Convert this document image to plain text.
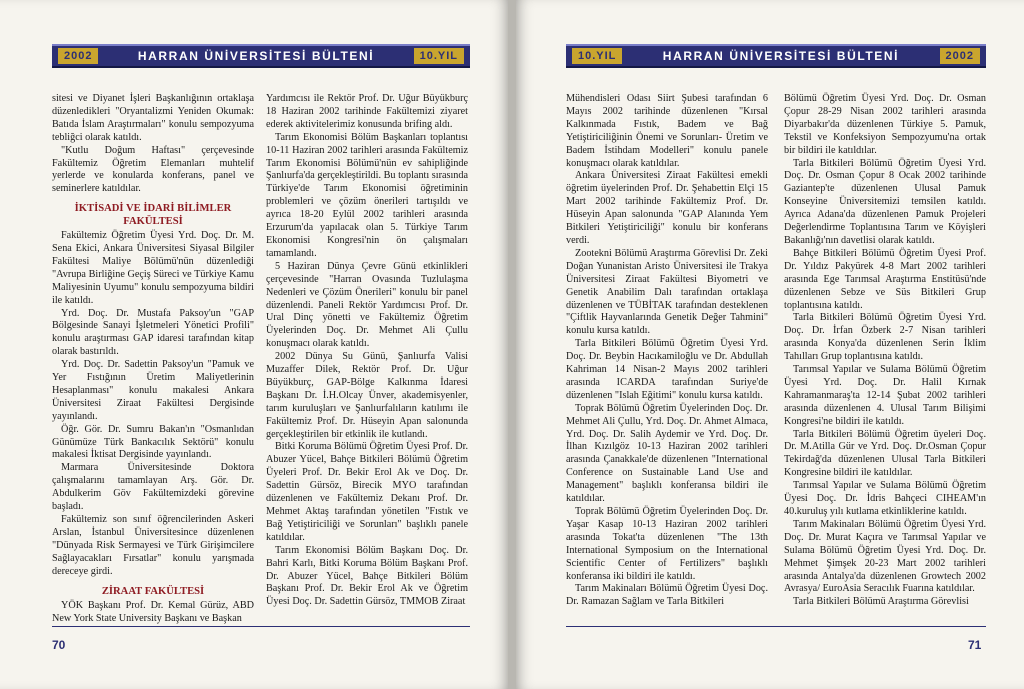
2002	HARRAN ÜNİVERSİTESİ BÜLTENİ	10.YIL

sitesi ve Diyanet İşleri Başkanlığının ortaklaşa düzenledikleri "Oryantalizmi Yeniden Okumak: Batıda İslam Araştırmaları" konulu sempozyuma tebliğci olarak katıldı.

"Kutlu Doğum Haftası" çerçevesinde Fakültemiz Öğretim Elemanları muhtelif yerlerde ve konularda konferans, panel ve seminerlere katıldılar.

İKTİSADİ VE İDARİ BİLİMLER FAKÜLTESİ

Fakültemiz Öğretim Üyesi Yrd. Doç. Dr. M. Sena Ekici, Ankara Üniversitesi Siyasal Bilgiler Fakültesi Maliye Bölümü'nün düzenlediği "Avrupa Birliğine Geçiş Süreci ve Türkiye Kamu Maliyesinin Uyumu" konulu sempozyuma bildiri ile katıldı.

Yrd. Doç. Dr. Mustafa Paksoy'un "GAP Bölgesinde Sanayi İşletmeleri Yönetici Profili" konulu araştırması GAP idaresi tarafından kitap olarak bastırıldı.

Yrd. Doç. Dr. Sadettin Paksoy'un "Pamuk ve Yer Fıstığının Üretim Maliyetlerinin Hesaplanması" konulu makalesi Ankara Üniversitesi Ziraat Fakültesi Dergisinde yayınlandı.

Öğr. Gör. Dr. Sumru Bakan'ın "Osmanlıdan Günümüze Türk Bankacılık Sektörü" konulu makalesi İktisat Dergisinde yayınlandı.

Marmara Üniversitesinde Doktora çalışmalarını tamamlayan Arş. Gör. Dr. Abdulkerim Göv Fakültemizdeki görevine başladı.

Fakültemiz son sınıf öğrencilerinden Askeri Arslan, İstanbul Üniversitesince düzenlenen "Dünyada Risk Sermayesi ve Türk Girişimcilere Sağlayacakları Fırsatlar" konulu yarışmada dereceye girdi.

ZİRAAT FAKÜLTESİ

YÖK Başkanı Prof. Dr. Kemal Gürüz, ABD New York State University Başkanı ve Başkan

Yardımcısı ile Rektör Prof. Dr. Uğur Büyükburç 18 Haziran 2002 tarihinde Fakültemizi ziyaret ederek aktivitelerimiz konusunda brifing aldı.

Tarım Ekonomisi Bölüm Başkanları toplantısı 10-11 Haziran 2002 tarihleri arasında Fakültemiz Tarım Ekonomisi Bölümü'nün ev sahipliğinde Şanlıurfa'da gerçekleştirildi. Bu toplantı sırasında Türkiye'de Tarım Ekonomisi öğretiminin problemleri ve çözüm önerileri tartışıldı ve ayrıca 18-20 Eylül 2002 tarihleri arasında Erzurum'da yapılacak olan 5. Türkiye Tarım Ekonomisi Kongresi'nin ön çalışmaları tamamlandı.

5 Haziran Dünya Çevre Günü etkinlikleri çerçevesinde "Harran Ovasında Tuzlulaşma Nedenleri ve Çözüm Önerileri" konulu bir panel düzenlendi. Paneli Rektör Yardımcısı Prof. Dr. Ural Dinç yönetti ve Fakültemiz Öğretim Üyelerinden Doç. Dr. Mehmet Ali Çullu konuşmacı olarak katıldı.

2002 Dünya Su Günü, Şanlıurfa Valisi Muzaffer Dilek, Rektör Prof. Dr. Uğur Büyükburç, GAP-Bölge Kalkınma İdaresi Başkanı Dr. İ.H.Olcay Ünver, akademisyenler, tarım kuruluşları ve Şanlıurfalıların katılımı ile Fakültemiz Prof. Dr. Hüseyin Apan salonunda gerçekleştirilen bir etkinlik ile kutlandı.

Bitki Koruma Bölümü Öğretim Üyesi Prof. Dr. Abuzer Yücel, Bahçe Bitkileri Bölümü Öğretim Üyeleri Prof. Dr. Bekir Erol Ak ve Doç. Dr. Sadettin Gürsöz, Birecik MYO tarafından düzenlenen ve Fakültemiz Dekanı Prof. Dr. Mehmet Aktaş tarafından yönetilen "Fıstık ve Bağ Yetiştiriciliği ve Sorunları" başlıklı panele katıldılar.

Tarım Ekonomisi Bölüm Başkanı Doç. Dr. Bahri Karlı, Bitki Koruma Bölüm Başkanı Prof. Dr. Abuzer Yücel, Bahçe Bitkileri Bölüm Başkanı Prof. Dr. Bekir Erol Ak ve Öğretim Üyesi Doç. Dr. Sadettin Gürsöz, TMMOB Ziraat

70
10.YIL	HARRAN ÜNİVERSİTESİ BÜLTENİ	2002

Mühendisleri Odası Siirt Şubesi tarafından 6 Mayıs 2002 tarihinde düzenlenen "Kırsal Kalkınmada Fıstık, Badem ve Bağ Yetiştiriciliğinin Önemi ve Sorunları- Üretim ve Badem İstihdam Modelleri" konulu panele konuşmacı olarak katıldılar.

Ankara Üniversitesi Ziraat Fakültesi emekli öğretim üyelerinden Prof. Dr. Şehabettin Elçi 15 Mart 2002 tarihinde Fakültemiz Prof. Dr. Hüseyin Apan salonunda "GAP Alanında Yem Bitkileri Yetiştiriciliği" konulu bir konferans verdi.

Zootekni Bölümü Araştırma Görevlisi Dr. Zeki Doğan Yunanistan Aristo Üniversitesi ile Trakya Üniversitesi Ziraat Fakültesi Biyometri ve Genetik Anabilim Dalı tarafından ortaklaşa düzenlenen ve TÜBİTAK tarafından desteklenen "Çiftlik Hayvanlarında Genetik Değer Tahmini" konulu kursa katıldı.

Tarla Bitkileri Bölümü Öğretim Üyesi Yrd. Doç. Dr. Beybin Hacıkamiloğlu ve Dr. Abdullah Kahriman 14 Nisan-2 Mayıs 2002 tarihleri arasında ICARDA tarafından Suriye'de düzenlenen "Islah Eğitimi" konulu kursa katıldı.

Toprak Bölümü Öğretim Üyelerinden Doç. Dr. Mehmet Ali Çullu, Yrd. Doç. Dr. Ahmet Almaca, Yrd. Doç. Dr. Salih Aydemir ve Yrd. Doç. Dr. İlhan Kızılgöz 10-13 Haziran 2002 tarihleri arasında Çanakkale'de düzenlenen "International Conference on Sustainable Land Use and Management" başlıklı konferansa bildiri ile katıldılar.

Toprak Bölümü Öğretim Üyelerinden Doç. Dr. Yaşar Kasap 10-13 Haziran 2002 tarihleri arasında Tokat'ta düzenlenen "The 13th International Symposium on the International Scientific Center of Fertilizers" başlıklı konferansa iki bildiri ile katıldı.

Tarım Makinaları Bölümü Öğretim Üyesi Doç. Dr. Ramazan Sağlam ve Tarla Bitkileri

Bölümü Öğretim Üyesi Yrd. Doç. Dr. Osman Çopur 28-29 Nisan 2002 tarihleri arasında Diyarbakır'da düzenlenen Türkiye 5. Pamuk, Tekstil ve Konfeksiyon Sempozyumu'na ortak bir bildiri ile katıldılar.

Tarla Bitkileri Bölümü Öğretim Üyesi Yrd. Doç. Dr. Osman Çopur 8 Ocak 2002 tarihinde Gaziantep'te düzenlenen Ulusal Pamuk Konseyine Üniversitemizi temsilen katıldı. Ayrıca Adana'da düzenlenen Pamuk Projeleri Değerlendirme Toplantısına Tarım ve Köyişleri Bakanlığı'nın davetlisi olarak katıldı.

Bahçe Bitkileri Bölümü Öğretim Üyesi Prof. Dr. Yıldız Pakyürek 4-8 Mart 2002 tarihleri arasında Ege Tarımsal Araştırma Enstitüsü'nde düzenlenen Sebze ve Süs Bitkileri Grup toplantısına katıldı.

Tarla Bitkileri Bölümü Öğretim Üyesi Yrd. Doç. Dr. İrfan Özberk 2-7 Nisan tarihleri arasında Konya'da düzenlenen Serin İklim Tahılları Grup toplantısına katıldı.

Tarımsal Yapılar ve Sulama Bölümü Öğretim Üyesi Yrd. Doç. Dr. Halil Kırnak Kahramanmaraş'ta 12-14 Şubat 2002 tarihleri arasında düzenlenen 4. Ulusal Tarım Bilişimi Kongresi'ne bildiri ile katıldı.

Tarla Bitkileri Bölümü Öğretim üyeleri Doç. Dr. M.Atilla Gür ve Yrd. Doç. Dr.Osman Çopur Tekirdağ'da düzenlenen Ulusal Tarla Bitkileri Kongresine bildiri ile katıldılar.

Tarımsal Yapılar ve Sulama Bölümü Öğretim Üyesi Doç. Dr. İdris Bahçeci CIHEAM'ın 40.kuruluş yılı kutlama etkinliklerine katıldı.

Tarım Makinaları Bölümü Öğretim Üyesi Yrd. Doç. Dr. Murat Kaçıra ve Tarımsal Yapılar ve Sulama Bölümü Öğretim Üyesi Yrd. Doç. Dr. Mehmet Şimşek 20-23 Mart 2002 tarihleri arasında Antalya'da düzenlenen Growtech 2002 Avrasya/ EuroAsia Seracılık Fuarına katıldılar.

Tarla Bitkileri Bölümü Araştırma Görevlisi

71
